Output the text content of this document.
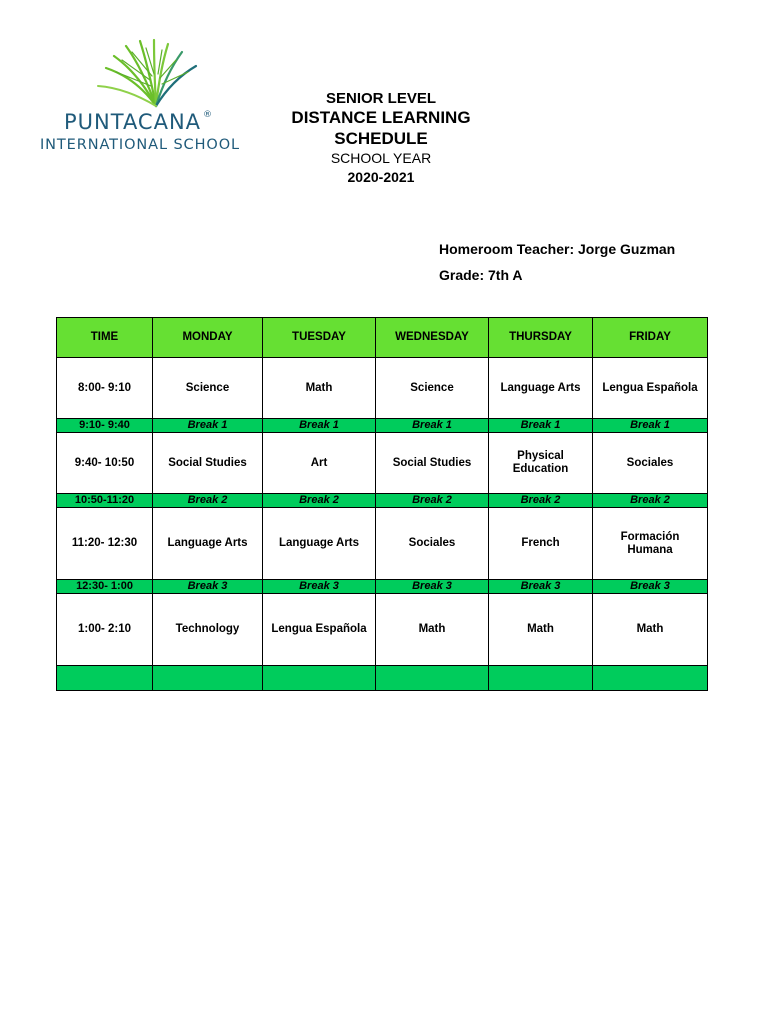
PUNTACANA ®
INTERNATIONAL SCHOOL
SENIOR LEVEL
DISTANCE LEARNING
SCHEDULE
SCHOOL YEAR
2020-2021
Homeroom Teacher: Jorge Guzman
Grade: 7th A
TIME	MONDAY	TUESDAY	WEDNESDAY	THURSDAY	FRIDAY
8:00- 9:10	Science	Math	Science	Language Arts	Lengua Española
9:10- 9:40	Break 1	Break 1	Break 1	Break 1	Break 1
9:40- 10:50	Social Studies	Art	Social Studies	Physical Education	Sociales
10:50-11:20	Break 2	Break 2	Break 2	Break 2	Break 2
11:20- 12:30	Language Arts	Language Arts	Sociales	French	Formación Humana
12:30- 1:00	Break 3	Break 3	Break 3	Break 3	Break 3
1:00- 2:10	Technology	Lengua Española	Math	Math	Math
